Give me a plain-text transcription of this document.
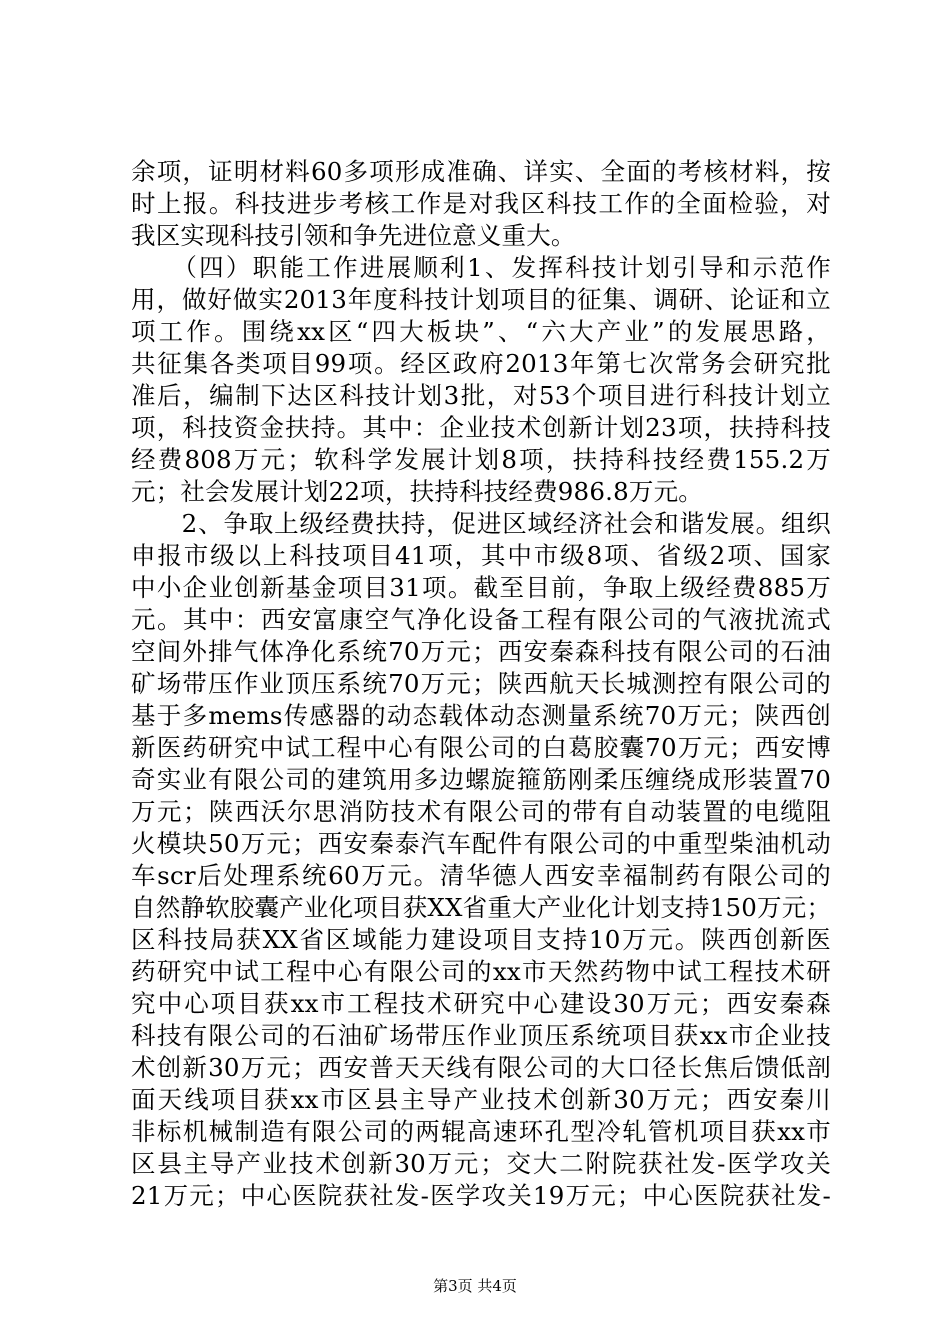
余项，证明材料60多项形成准确、详实、全面的考核材料，按
时上报。科技进步考核工作是对我区科技工作的全面检验，对
我区实现科技引领和争先进位意义重大。
　　（四）职能工作进展顺利1、发挥科技计划引导和示范作
用，做好做实2013年度科技计划项目的征集、调研、论证和立
项工作。围绕xx区“四大板块”、“六大产业”的发展思路，
共征集各类项目99项。经区政府2013年第七次常务会研究批
准后，编制下达区科技计划3批，对53个项目进行科技计划立
项，科技资金扶持。其中：企业技术创新计划23项，扶持科技
经费808万元；软科学发展计划8项，扶持科技经费155.2万
元；社会发展计划22项，扶持科技经费986.8万元。
　　2、争取上级经费扶持，促进区域经济社会和谐发展。组织
申报市级以上科技项目41项，其中市级8项、省级2项、国家
中小企业创新基金项目31项。截至目前，争取上级经费885万
元。其中：西安富康空气净化设备工程有限公司的气液扰流式
空间外排气体净化系统70万元；西安秦森科技有限公司的石油
矿场带压作业顶压系统70万元；陕西航天长城测控有限公司的
基于多mems传感器的动态载体动态测量系统70万元；陕西创
新医药研究中试工程中心有限公司的白葛胶囊70万元；西安博
奇实业有限公司的建筑用多边螺旋箍筋刚柔压缠绕成形装置70
万元；陕西沃尔思消防技术有限公司的带有自动装置的电缆阻
火模块50万元；西安秦泰汽车配件有限公司的中重型柴油机动
车scr后处理系统60万元。清华德人西安幸福制药有限公司的
自然静软胶囊产业化项目获XX省重大产业化计划支持150万元；
区科技局获XX省区域能力建设项目支持10万元。陕西创新医
药研究中试工程中心有限公司的xx市天然药物中试工程技术研
究中心项目获xx市工程技术研究中心建设30万元；西安秦森
科技有限公司的石油矿场带压作业顶压系统项目获xx市企业技
术创新30万元；西安普天天线有限公司的大口径长焦后馈低剖
面天线项目获xx市区县主导产业技术创新30万元；西安秦川
非标机械制造有限公司的两辊高速环孔型冷轧管机项目获xx市
区县主导产业技术创新30万元；交大二附院获社发-医学攻关
21万元；中心医院获社发-医学攻关19万元；中心医院获社发-
第3页 共4页
